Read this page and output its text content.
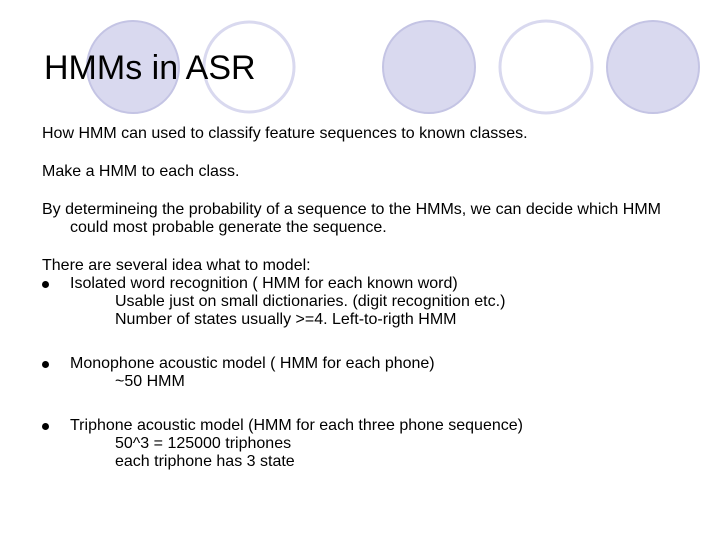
HMMs in ASR
How HMM can used to classify feature sequences to known classes.
Make a HMM to each class.
By determineing the probability of a sequence to the HMMs, we can decide which HMM could most probable generate the sequence.
There are several idea what to model:
Isolated word recognition ( HMM for each known word)
Usable just on small dictionaries. (digit recognition etc.)
Number of states usually >=4. Left-to-rigth HMM
Monophone acoustic model ( HMM for each phone)
~50 HMM
Triphone acoustic model (HMM for each three phone sequence)
50^3 = 125000 triphones
each triphone has 3 state
